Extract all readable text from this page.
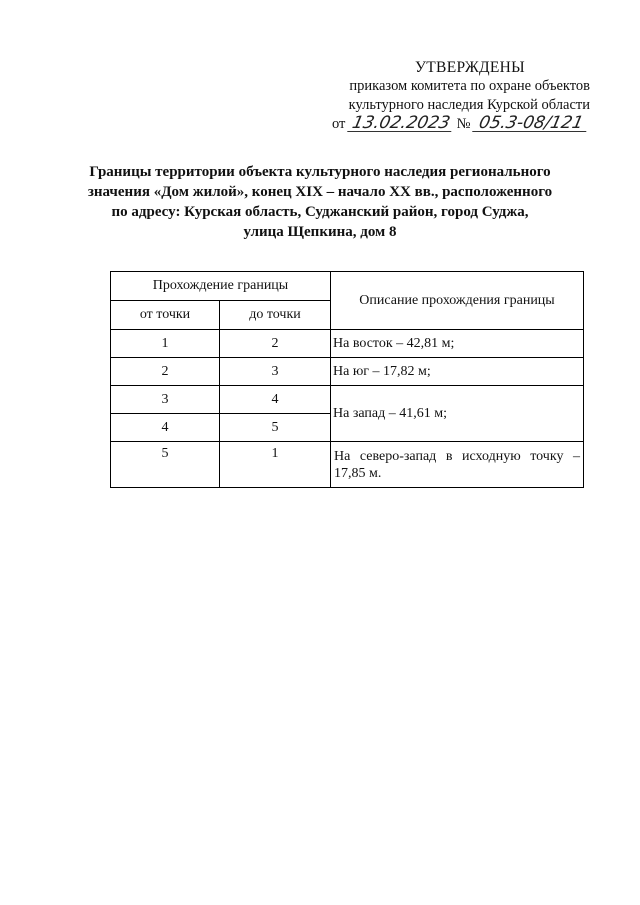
УТВЕРЖДЕНЫ
приказом комитета по охране объектов
культурного наследия Курской области
от 13.02.2023 № 05.3-08/121
Границы территории объекта культурного наследия регионального
значения «Дом жилой», конец XIX – начало XX вв., расположенного
по адресу: Курская область, Суджанский район, город Суджа,
улица Щепкина, дом 8
Прохождение границы		Описание прохождения границы
от точки	до точки	
1	2	На восток – 42,81 м;
2	3	На юг – 17,82 м;
3	4	На запад – 41,61 м;
4	5	
5	1	На северо-запад в исходную точку – 17,85 м.
